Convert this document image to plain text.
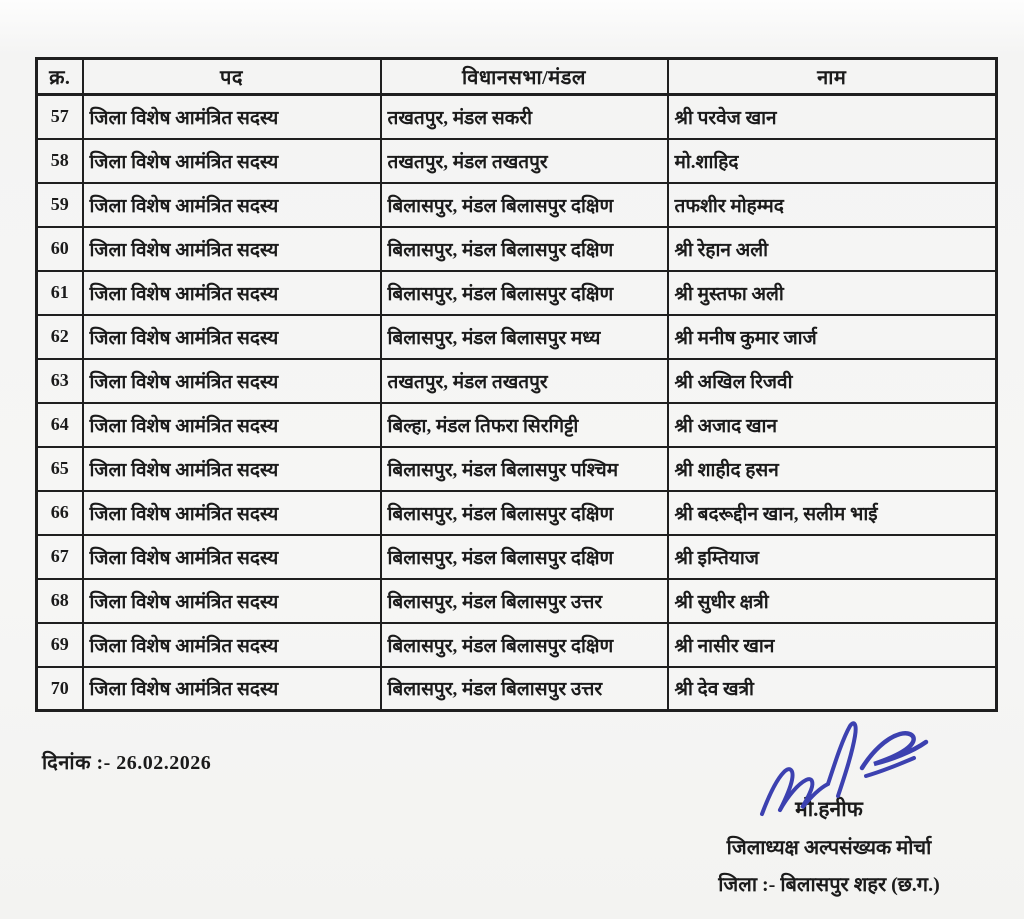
क्र.	पद	विधानसभा/मंडल	नाम
57	जिला विशेष आमंत्रित सदस्य	तखतपुर, मंडल सकरी	श्री परवेज खान
58	जिला विशेष आमंत्रित सदस्य	तखतपुर, मंडल तखतपुर	मो.शाहिद
59	जिला विशेष आमंत्रित सदस्य	बिलासपुर, मंडल बिलासपुर दक्षिण	तफशीर मोहम्मद
60	जिला विशेष आमंत्रित सदस्य	बिलासपुर, मंडल बिलासपुर दक्षिण	श्री रेहान अली
61	जिला विशेष आमंत्रित सदस्य	बिलासपुर, मंडल बिलासपुर दक्षिण	श्री मुस्तफा अली
62	जिला विशेष आमंत्रित सदस्य	बिलासपुर, मंडल बिलासपुर मध्य	श्री मनीष कुमार जार्ज
63	जिला विशेष आमंत्रित सदस्य	तखतपुर, मंडल तखतपुर	श्री अखिल रिजवी
64	जिला विशेष आमंत्रित सदस्य	बिल्हा, मंडल तिफरा सिरगिट्टी	श्री अजाद खान
65	जिला विशेष आमंत्रित सदस्य	बिलासपुर, मंडल बिलासपुर पश्चिम	श्री शाहीद हसन
66	जिला विशेष आमंत्रित सदस्य	बिलासपुर, मंडल बिलासपुर दक्षिण	श्री बदरूद्दीन खान, सलीम भाई
67	जिला विशेष आमंत्रित सदस्य	बिलासपुर, मंडल बिलासपुर दक्षिण	श्री इम्तियाज
68	जिला विशेष आमंत्रित सदस्य	बिलासपुर, मंडल बिलासपुर उत्तर	श्री सुधीर क्षत्री
69	जिला विशेष आमंत्रित सदस्य	बिलासपुर, मंडल बिलासपुर दक्षिण	श्री नासीर खान
70	जिला विशेष आमंत्रित सदस्य	बिलासपुर, मंडल बिलासपुर उत्तर	श्री देव खत्री
दिनांक :- 26.02.2026
मो.हनीफ
जिलाध्यक्ष अल्पसंख्यक मोर्चा
जिला :- बिलासपुर शहर (छ.ग.)
